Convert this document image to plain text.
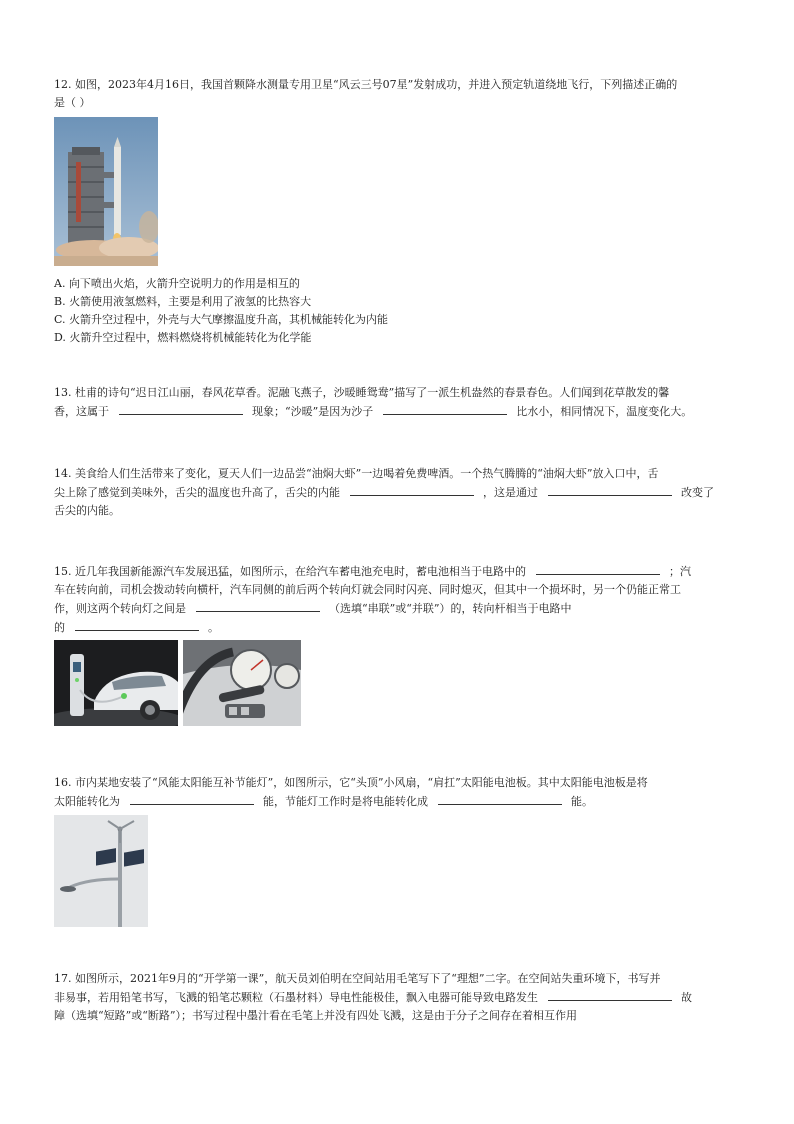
12. 如图，2023年4月16日，我国首颗降水测量专用卫星“风云三号07星”发射成功，并进入预定轨道绕地飞行，下列描述正确的

是（ ）

A. 向下喷出火焰，火箭升空说明力的作用是相互的

B. 火箭使用液氢燃料，主要是利用了液氢的比热容大

C. 火箭升空过程中，外壳与大气摩擦温度升高，其机械能转化为内能

D. 火箭升空过程中，燃料燃烧将机械能转化为化学能

13. 杜甫的诗句“迟日江山丽，春风花草香。泥融飞燕子，沙暖睡鸳鸯”描写了一派生机盎然的春景春色。人们闻到花草散发的馨

香，这属于	现象；“沙暖”是因为沙子	比水小，相同情况下，温度变化大。

14. 美食给人们生活带来了变化，夏天人们一边品尝“油焖大虾”一边喝着免费啤酒。一个热气腾腾的“油焖大虾”放入口中，舌

尖上除了感觉到美味外，舌尖的温度也升高了，舌尖的内能	，这是通过	改变了

舌尖的内能。

15. 近几年我国新能源汽车发展迅猛，如图所示，在给汽车蓄电池充电时，蓄电池相当于电路中的	；汽

车在转向前，司机会拨动转向横杆，汽车同侧的前后两个转向灯就会同时闪亮、同时熄灭，但其中一个损坏时，另一个仍能正常工

作，则这两个转向灯之间是	（选填“串联”或“并联”）的，转向杆相当于电路中

的	。

16. 市内某地安装了“风能太阳能互补节能灯”，如图所示，它“头顶”小风扇，“肩扛”太阳能电池板。其中太阳能电池板是将

太阳能转化为	能，节能灯工作时是将电能转化成	能。

17. 如图所示，2021年9月的“开学第一课”，航天员刘伯明在空间站用毛笔写下了“理想”二字。在空间站失重环境下，书写并

非易事，若用铅笔书写，飞溅的铅笔芯颗粒（石墨材料）导电性能极佳，飘入电器可能导致电路发生	故

障（选填“短路”或“断路”）；书写过程中墨汁看在毛笔上并没有四处飞溅，这是由于分子之间存在着相互作用
